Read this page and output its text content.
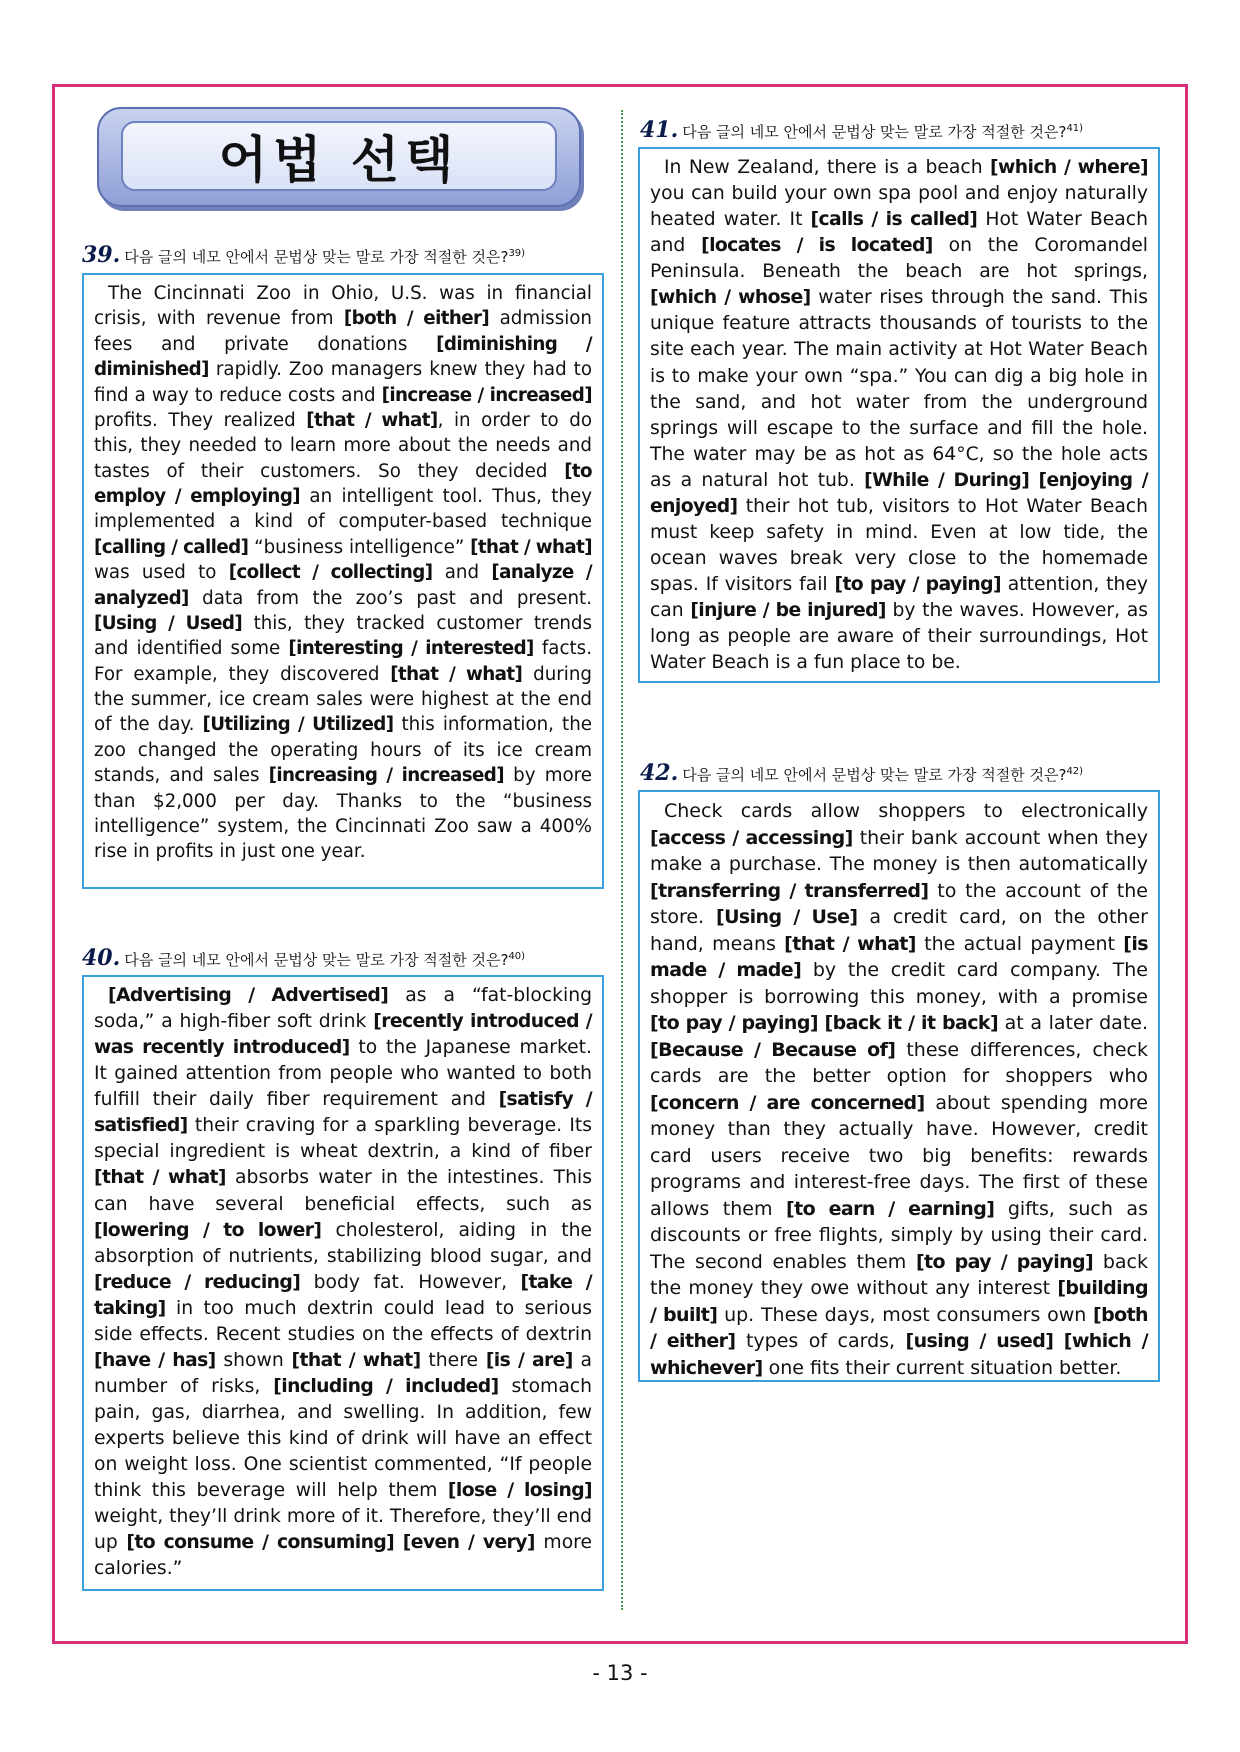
어법 선택
39. 다음 글의 네모 안에서 문법상 맞는 말로 가장 적절한 것은?$^{39)}$

The Cincinnati Zoo in Ohio, U.S. was in financial crisis, with revenue from [both / either] admission fees and private donations [diminishing / diminished] rapidly. Zoo managers knew they had to find a way to reduce costs and [increase / increased] profits. They realized [that / what], in order to do this, they needed to learn more about the needs and tastes of their customers. So they decided [to employ / employing] an intelligent tool. Thus, they implemented a kind of computer-based technique [calling / called] “business intelligence” [that / what] was used to [collect / collecting] and [analyze / analyzed] data from the zoo’s past and present. [Using / Used] this, they tracked customer trends and identified some [interesting / interested] facts. For example, they discovered [that / what] during the summer, ice cream sales were highest at the end of the day. [Utilizing / Utilized] this information, the zoo changed the operating hours of its ice cream stands, and sales [increasing / increased] by more than $2,000 per day. Thanks to the “business intelligence” system, the Cincinnati Zoo saw a 400% rise in profits in just one year.

40. 다음 글의 네모 안에서 문법상 맞는 말로 가장 적절한 것은?$^{40)}$

[Advertising / Advertised] as a “fat-blocking soda,” a high-fiber soft drink [recently introduced / was recently introduced] to the Japanese market. It gained attention from people who wanted to both fulfill their daily fiber requirement and [satisfy / satisfied] their craving for a sparkling beverage. Its special ingredient is wheat dextrin, a kind of fiber [that / what] absorbs water in the intestines. This can have several beneficial effects, such as [lowering / to lower] cholesterol, aiding in the absorption of nutrients, stabilizing blood sugar, and [reduce / reducing] body fat. However, [take / taking] in too much dextrin could lead to serious side effects. Recent studies on the effects of dextrin [have / has] shown [that / what] there [is / are] a number of risks, [including / included] stomach pain, gas, diarrhea, and swelling. In addition, few experts believe this kind of drink will have an effect on weight loss. One scientist commented, “If people think this beverage will help them [lose / losing] weight, they’ll drink more of it. Therefore, they’ll end up [to consume / consuming] [even / very] more calories.”

41. 다음 글의 네모 안에서 문법상 맞는 말로 가장 적절한 것은?$^{41)}$

In New Zealand, there is a beach [which / where] you can build your own spa pool and enjoy naturally heated water. It [calls / is called] Hot Water Beach and [locates / is located] on the Coromandel Peninsula. Beneath the beach are hot springs, [which / whose] water rises through the sand. This unique feature attracts thousands of tourists to the site each year. The main activity at Hot Water Beach is to make your own “spa.” You can dig a big hole in the sand, and hot water from the underground springs will escape to the surface and fill the hole. The water may be as hot as 64°C, so the hole acts as a natural hot tub. [While / During] [enjoying / enjoyed] their hot tub, visitors to Hot Water Beach must keep safety in mind. Even at low tide, the ocean waves break very close to the homemade spas. If visitors fail [to pay / paying] attention, they can [injure / be injured] by the waves. However, as long as people are aware of their surroundings, Hot Water Beach is a fun place to be.

42. 다음 글의 네모 안에서 문법상 맞는 말로 가장 적절한 것은?$^{42)}$

Check cards allow shoppers to electronically [access / accessing] their bank account when they make a purchase. The money is then automatically [transferring / transferred] to the account of the store. [Using / Use] a credit card, on the other hand, means [that / what] the actual payment [is made / made] by the credit card company. The shopper is borrowing this money, with a promise [to pay / paying] [back it / it back] at a later date. [Because / Because of] these differences, check cards are the better option for shoppers who [concern / are concerned] about spending more money than they actually have. However, credit card users receive two big benefits: rewards programs and interest-free days. The first of these allows them [to earn / earning] gifts, such as discounts or free flights, simply by using their card. The second enables them [to pay / paying] back the money they owe without any interest [building / built] up. These days, most consumers own [both / either] types of cards, [using / used] [which / whichever] one fits their current situation better.

- 13 -
